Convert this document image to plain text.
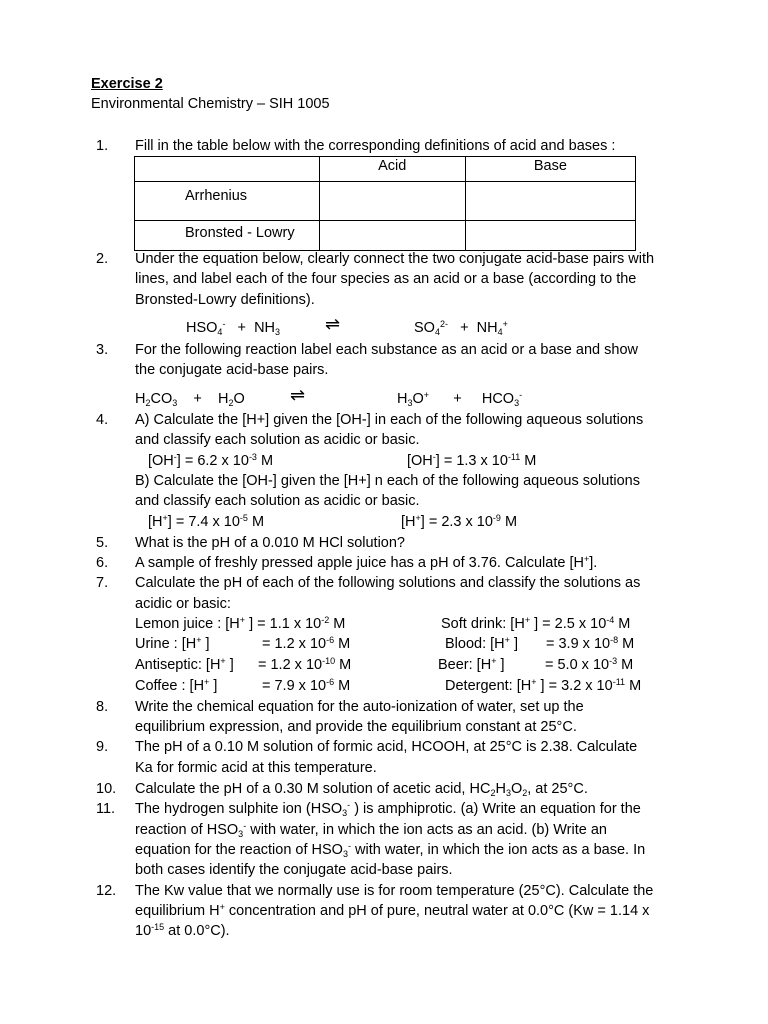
Exercise 2
Environmental Chemistry – SIH 1005
1. Fill in the table below with the corresponding definitions of acid and bases :
	Acid	Base
Arrhenius		
Bronsted - Lowry		
2. Under the equation below, clearly connect the two conjugate acid-base pairs with
lines, and label each of the four species as an acid or a base (according to the
Bronsted-Lowry definitions).
$HSO_4^- + NH_3$ ⇌	$SO_4^{2-} + NH_4^+$
3. For the following reaction label each substance as an acid or a base and show
the conjugate acid-base pairs.
$H_2CO_3 + H_2O$	⇌	$H_3O^+ + HCO_3^-$
4. A) Calculate the [H+] given the [OH-] in each of the following aqueous solutions
and classify each solution as acidic or basic.
[OH-] = 6.2 x $10^{-3}$ M	[OH-] = 1.3 x $10^{-11}$ M
B) Calculate the [OH-] given the [H+] n each of the following aqueous solutions
and classify each solution as acidic or basic.
[H+] = 7.4 x $10^{-5}$ M	[H+] = 2.3 x $10^{-9}$ M
5. What is the pH of a 0.010 M HCl solution?
6. A sample of freshly pressed apple juice has a pH of 3.76. Calculate [H+].
7. Calculate the pH of each of the following solutions and classify the solutions as
acidic or basic:
Lemon juice : [H+ ] = 1.1 x $10^{-2}$ M	Soft drink: [H+ ] = 2.5 x $10^{-4}$ M
Urine : [H+ ]	= 1.2 x $10^{-6}$ M	Blood: [H+ ] = 3.9 x $10^{-8}$ M
Antiseptic: [H+ ] = 1.2 x $10^{-10}$ M	Beer: [H+ ]	= 5.0 x $10^{-3}$ M
Coffee : [H+ ]	= 7.9 x $10^{-6}$ M	Detergent: [H+ ] = 3.2 x $10^{-11}$ M
8. Write the chemical equation for the auto-ionization of water, set up the
equilibrium expression, and provide the equilibrium constant at 25°C.
9. The pH of a 0.10 M solution of formic acid, HCOOH, at 25°C is 2.38. Calculate
Ka for formic acid at this temperature.
10. Calculate the pH of a 0.30 M solution of acetic acid, $HC_2H_3O_2$, at 25°C.
11. The hydrogen sulphite ion ($HSO_3^-$ ) is amphiprotic. (a) Write an equation for the
reaction of $HSO_3^-$ with water, in which the ion acts as an acid. (b) Write an
equation for the reaction of $HSO_3^-$ with water, in which the ion acts as a base. In
both cases identify the conjugate acid-base pairs.
12. The Kw value that we normally use is for room temperature (25°C). Calculate the
equilibrium H+ concentration and pH of pure, neutral water at 0.0°C (Kw = 1.14 x
$10^{-15}$ at 0.0°C).
